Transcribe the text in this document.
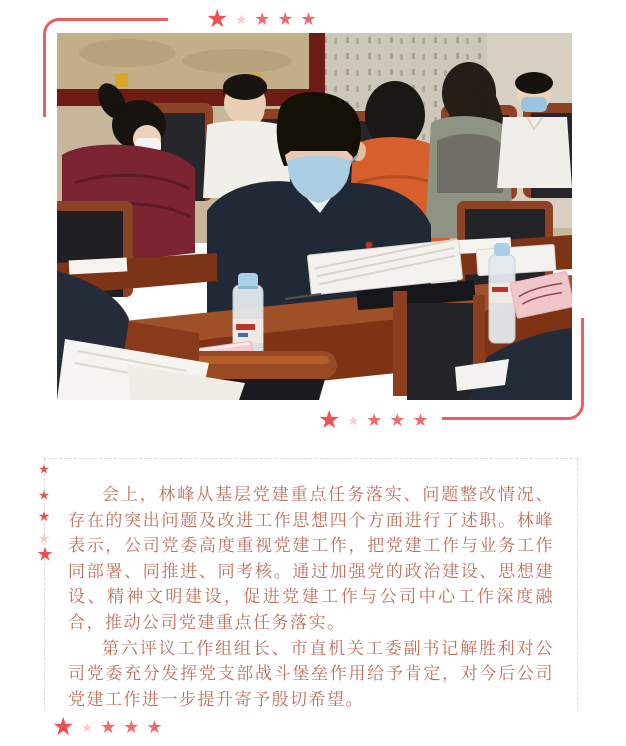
★ ★ ★ ★ ★
★ ★ ★ ★ ★
★
★
★
★
★

会上，林峰从基层党建重点任务落实、问题整改情况、存在的突出问题及改进工作思想四个方面进行了述职。林峰表示，公司党委高度重视党建工作，把党建工作与业务工作同部署、同推进、同考核。通过加强党的政治建设、思想建设、精神文明建设，促进党建工作与公司中心工作深度融合，推动公司党建重点任务落实。

第六评议工作组组长、市直机关工委副书记解胜利对公司党委充分发挥党支部战斗堡垒作用给予肯定，对今后公司党建工作进一步提升寄予殷切希望。

★ ★ ★ ★ ★
